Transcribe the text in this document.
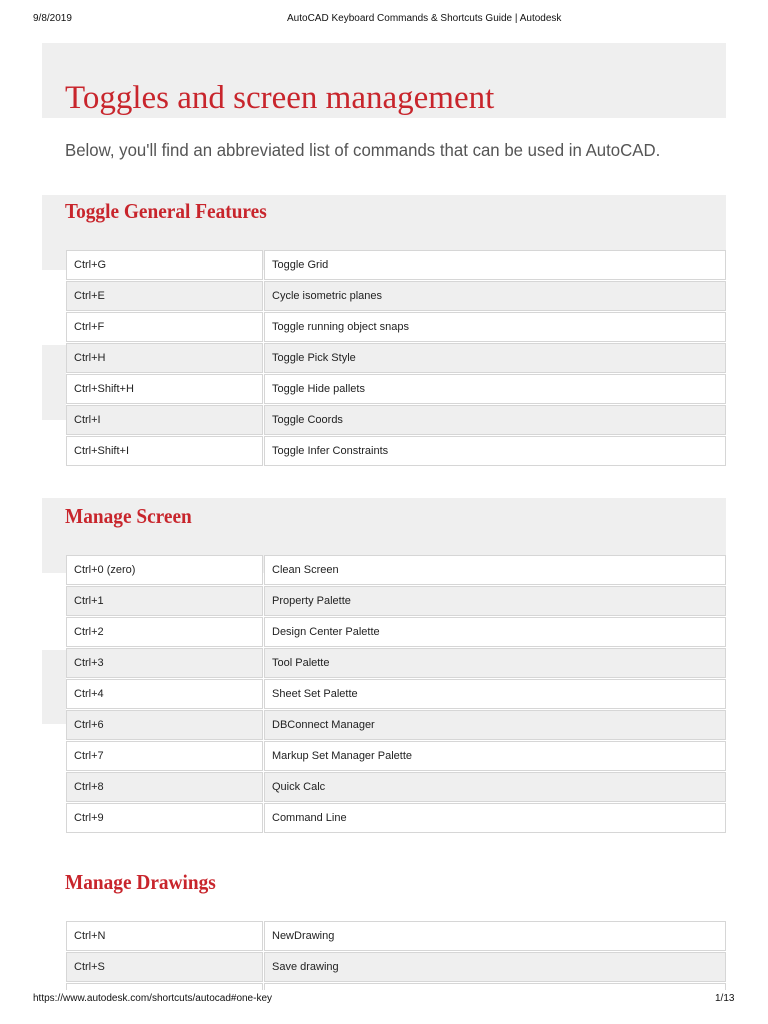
9/8/2019	AutoCAD Keyboard Commands & Shortcuts Guide | Autodesk
Toggles and screen management
Below, you'll find an abbreviated list of commands that can be used in AutoCAD.
Toggle General Features
Ctrl+G	Toggle Grid
Ctrl+E	Cycle isometric planes
Ctrl+F	Toggle running object snaps
Ctrl+H	Toggle Pick Style
Ctrl+Shift+H	Toggle Hide pallets
Ctrl+I	Toggle Coords
Ctrl+Shift+I	Toggle Infer Constraints
Manage Screen
Ctrl+0 (zero)	Clean Screen
Ctrl+1	Property Palette
Ctrl+2	Design Center Palette
Ctrl+3	Tool Palette
Ctrl+4	Sheet Set Palette
Ctrl+6	DBConnect Manager
Ctrl+7	Markup Set Manager Palette
Ctrl+8	Quick Calc
Ctrl+9	Command Line
Manage Drawings
Ctrl+N	NewDrawing
Ctrl+S	Save drawing
https://www.autodesk.com/shortcuts/autocad#one-key	1/13
